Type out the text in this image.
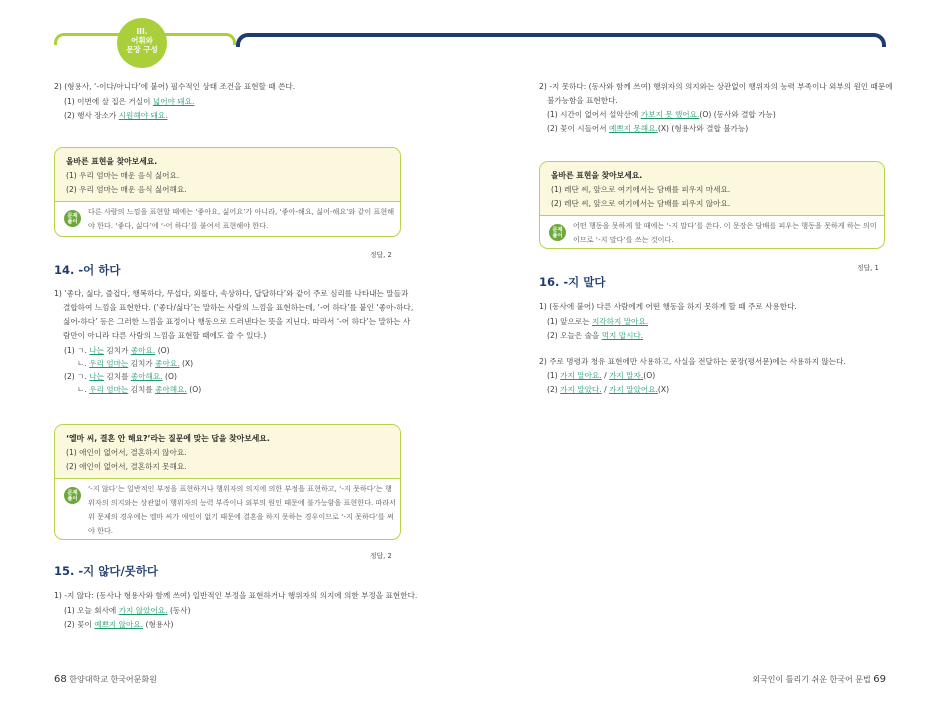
III.
어휘와
문장 구성
2) (형용사, ‘-이다/아니다’에 붙어) 필수적인 상태 조건을 표현할 때 쓴다.
(1) 이번에 살 집은 거실이 넓어야 돼요.
(2) 행사 장소가 시원해야 돼요.
올바른 표현을 찾아보세요.
(1) 우리 엄마는 매운 음식 싫어요.
(2) 우리 엄마는 매운 음식 싫어해요.
문제
풀이
다른 사람의 느낌을 표현할 때에는 ‘좋아요, 싫어요’가 아니라, ‘좋아-해요, 싫어-해요’와 같이 표현해
야 한다. ‘좋다, 싫다’에 ‘-어 하다’를 붙여서 표현해야 한다.
정답, 2
14. -어 하다
1) ‘좋다, 싫다, 즐겁다, 행복하다, 무섭다, 외롭다, 속상하다, 답답하다’와 같이 주로 심리를 나타내는 말들과
결합하여 느낌을 표현한다. (‘좋다/싫다’는 말하는 사람의 느낌을 표현하는데, ‘-어 하다’를 붙인 ‘좋아-하다,
싫어-하다’ 등은 그러한 느낌을 표정이나 행동으로 드러낸다는 뜻을 지닌다. 따라서 ‘-어 하다’는 말하는 사
람만이 아니라 다른 사람의 느낌을 표현할 때에도 쓸 수 있다.)
(1) ㄱ. 나는 김치가 좋아요. (O)
ㄴ. 우리 엄마는 김치가 좋아요. (X)
(2) ㄱ. 나는 김치를 좋아해요. (O)
ㄴ. 우리 엄마는 김치를 좋아해요. (O)
‘엘마 씨, 결혼 안 해요?’라는 질문에 맞는 답을 찾아보세요.
(1) 애인이 없어서, 결혼하지 않아요.
(2) 애인이 없어서, 결혼하지 못해요.
문제
풀이
‘-지 않다’는 일반적인 부정을 표현하거나 행위자의 의지에 의한 부정을 표현하고, ‘-지 못하다’는 행
위자의 의지와는 상관없이 행위자의 능력 부족이나 외부의 원인 때문에 불가능함을 표현한다. 따라서
위 문제의 경우에는 엘마 씨가 애인이 없기 때문에 결혼을 하지 못하는 경우이므로 ‘-지 못하다’를 써
야 한다.
정답, 2
15. -지 않다/못하다
1) -지 않다: (동사나 형용사와 함께 쓰여) 일반적인 부정을 표현하거나 행위자의 의지에 의한 부정을 표현한다.
(1) 오늘 회사에 가지 않았어요. (동사)
(2) 꽃이 예쁘지 않아요. (형용사)
68 한양대학교 한국어문화원
2) -지 못하다: (동사와 함께 쓰여) 행위자의 의지와는 상관없이 행위자의 능력 부족이나 외부의 원인 때문에
불가능함을 표현한다.
(1) 시간이 없어서 설악산에 가보지 못 했어요.(O) (동사와 결합 가능)
(2) 꽃이 시들어서 예쁘지 못해요.(X) (형용사와 결합 불가능)
올바른 표현을 찾아보세요.
(1) 레단 씨, 앞으로 여기에서는 담배를 피우지 마세요.
(2) 레단 씨, 앞으로 여기에서는 담배를 피우지 않아요.
문제
풀이
어떤 행동을 못하게 할 때에는 ‘-지 말다’를 쓴다. 이 문장은 담배를 피우는 행동을 못하게 하는 의미
이므로 ‘-지 말다’를 쓰는 것이다.
정답, 1
16. -지 말다
1) (동사에 붙어) 다른 사람에게 어떤 행동을 하지 못하게 할 때 주로 사용한다.
(1) 앞으로는 지각하지 말아요.
(2) 오늘은 술을 먹지 맙시다.
2) 주로 명령과 청유 표현에만 사용하고, 사실을 전달하는 문장(평서문)에는 사용하지 않는다.
(1) 가지 말아요. / 가지 말자.(O)
(2) 가지 말았다. / 가지 말았어요.(X)
외국인이 틀리기 쉬운 한국어 문법 69
